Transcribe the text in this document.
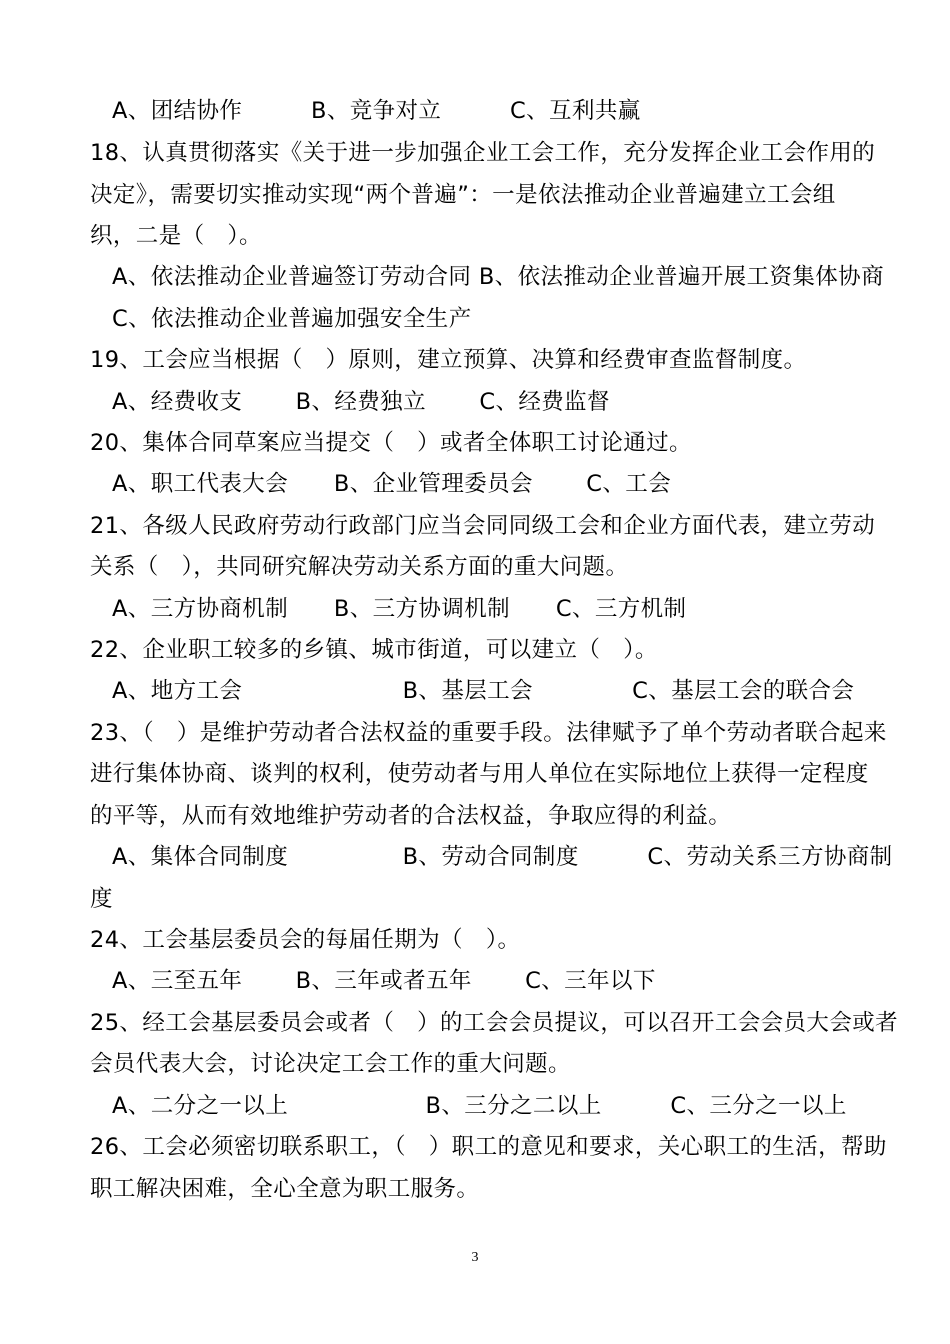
A、团结协作　　　B、竞争对立　　　C、互利共赢
18、认真贯彻落实《关于进一步加强企业工会工作，充分发挥企业工会作用的
决定》，需要切实推动实现“两个普遍”：一是依法推动企业普遍建立工会组
织，二是（　）。
A、依法推动企业普遍签订劳动合同 B、依法推动企业普遍开展工资集体协商
C、依法推动企业普遍加强安全生产
19、工会应当根据（　）原则，建立预算、决算和经费审查监督制度。
A、经费收支　　 B、经费独立　　 C、经费监督
20、集体合同草案应当提交（　）或者全体职工讨论通过。
A、职工代表大会　　B、企业管理委员会　　 C、工会
21、各级人民政府劳动行政部门应当会同同级工会和企业方面代表，建立劳动
关系（　），共同研究解决劳动关系方面的重大问题。
A、三方协商机制　　B、三方协调机制　　C、三方机制
22、企业职工较多的乡镇、城市街道，可以建立（　）。
A、地方工会　　　　　　　B、基层工会　　　　 C、基层工会的联合会
23、（　）是维护劳动者合法权益的重要手段。法律赋予了单个劳动者联合起来
进行集体协商、谈判的权利，使劳动者与用人单位在实际地位上获得一定程度
的平等，从而有效地维护劳动者的合法权益，争取应得的利益。
A、集体合同制度　　　　　B、劳动合同制度　　　C、劳动关系三方协商制
度
24、工会基层委员会的每届任期为（　）。
A、三至五年　　 B、三年或者五年　　 C、三年以下
25、经工会基层委员会或者（　）的工会会员提议，可以召开工会会员大会或者
会员代表大会，讨论决定工会工作的重大问题。
A、二分之一以上　　　　　　B、三分之二以上　　　C、三分之一以上
26、工会必须密切联系职工，（　）职工的意见和要求，关心职工的生活，帮助
职工解决困难，全心全意为职工服务。
3
